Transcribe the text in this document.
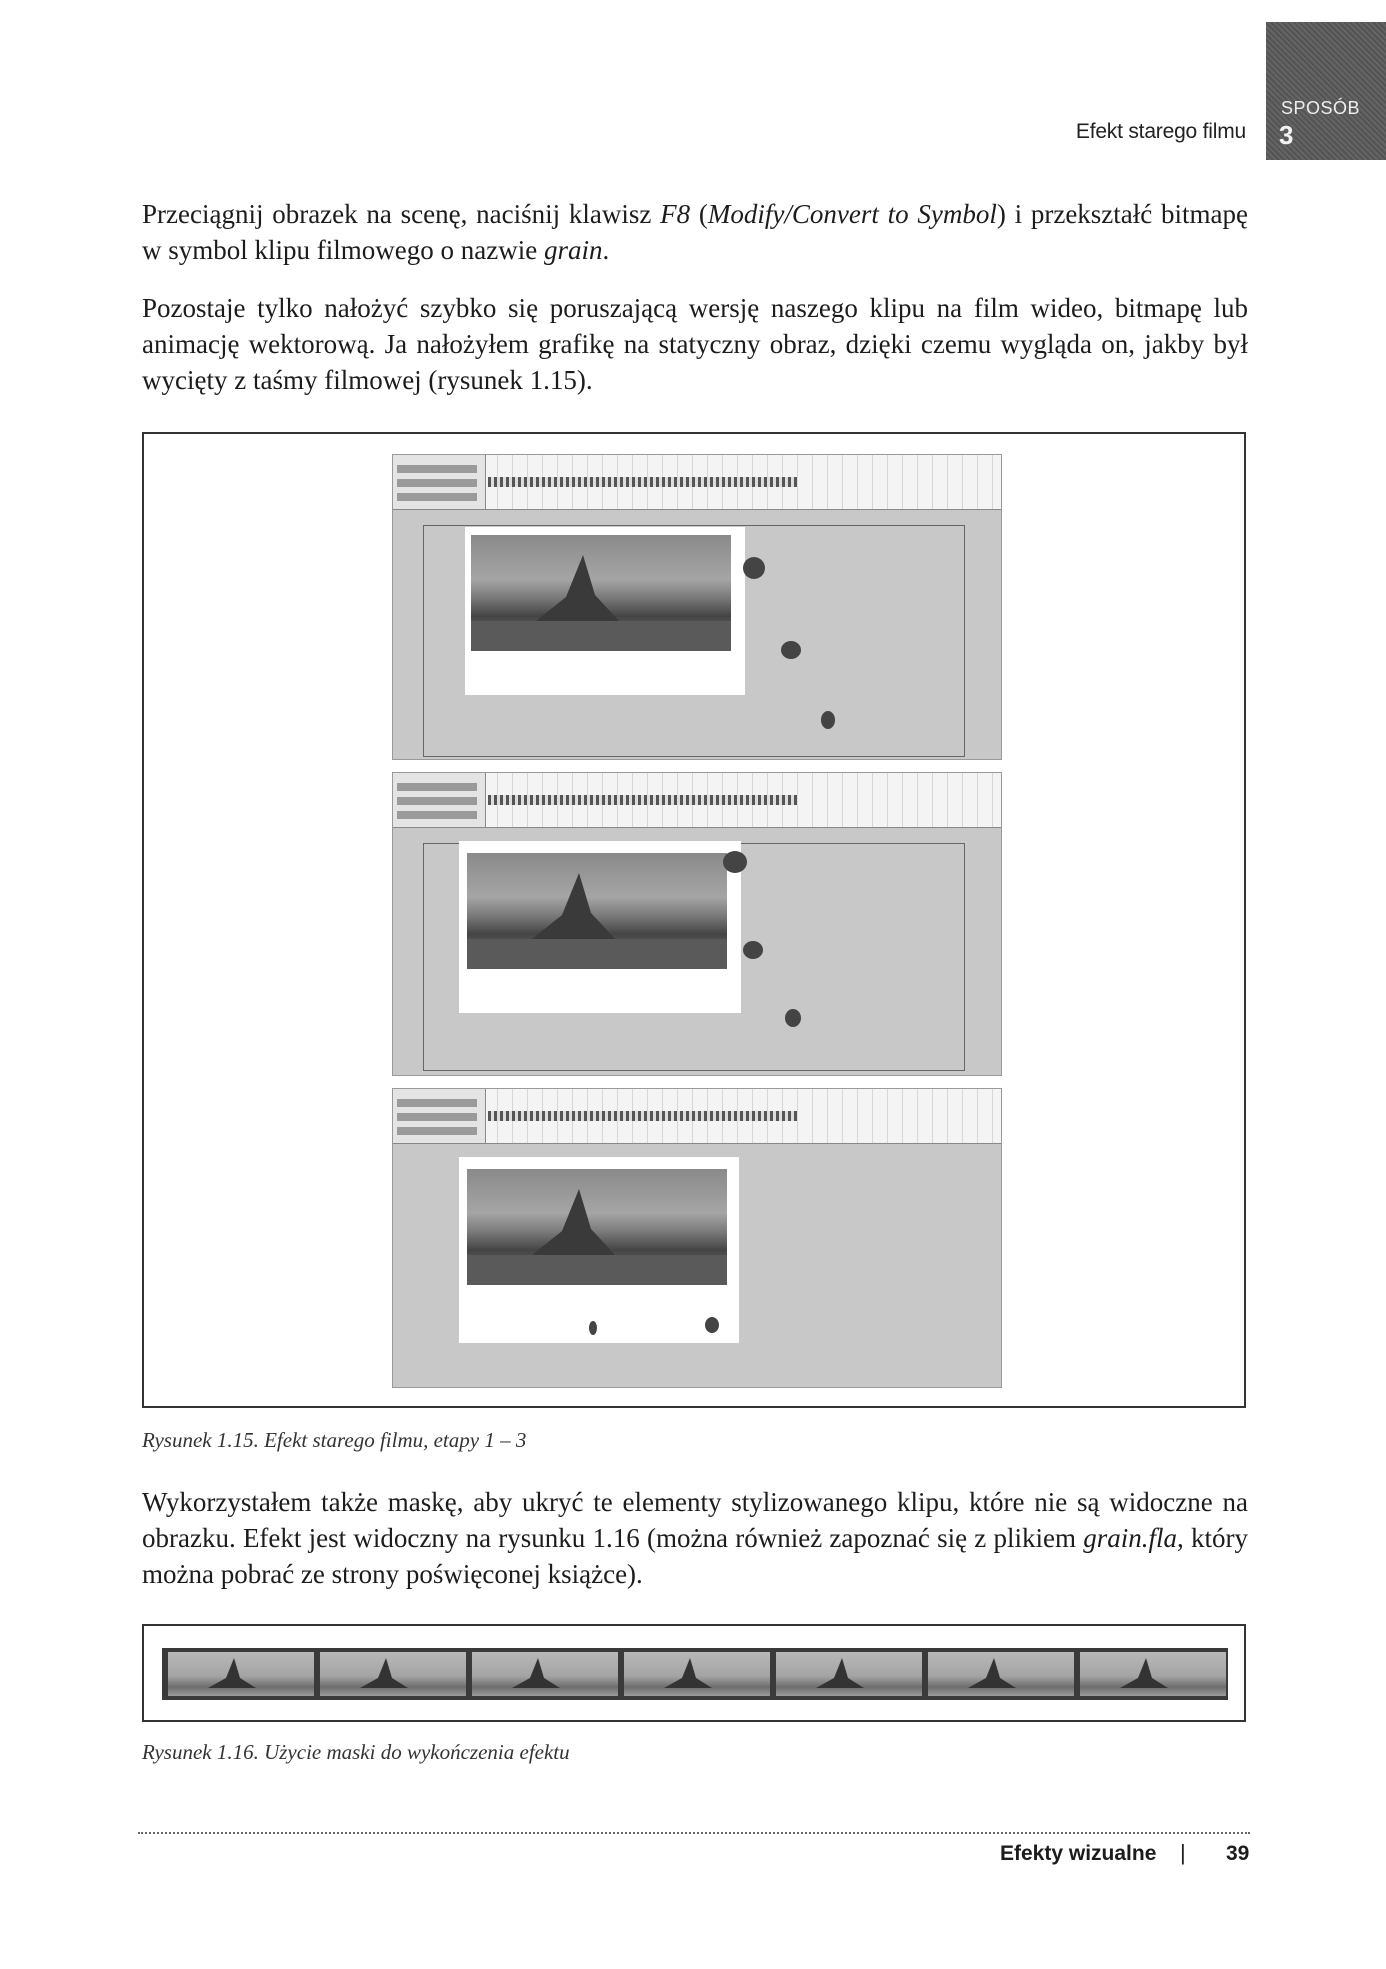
Efekt starego filmu
SPOSÓB
3

Przeciągnij obrazek na scenę, naciśnij klawisz F8 (Modify/Convert to Symbol) i przekształć bitmapę w symbol klipu filmowego o nazwie grain.

Pozostaje tylko nałożyć szybko się poruszającą wersję naszego klipu na film wideo, bitmapę lub animację wektorową. Ja nałożyłem grafikę na statyczny obraz, dzięki czemu wygląda on, jakby był wycięty z taśmy filmowej (rysunek 1.15).

Rysunek 1.15. Efekt starego filmu, etapy 1 – 3

Wykorzystałem także maskę, aby ukryć te elementy stylizowanego klipu, które nie są widoczne na obrazku. Efekt jest widoczny na rysunku 1.16 (można również zapoznać się z plikiem grain.fla, który można pobrać ze strony poświęconej książce).

Rysunek 1.16. Użycie maski do wykończenia efektu
Efekty wizualne | 39
